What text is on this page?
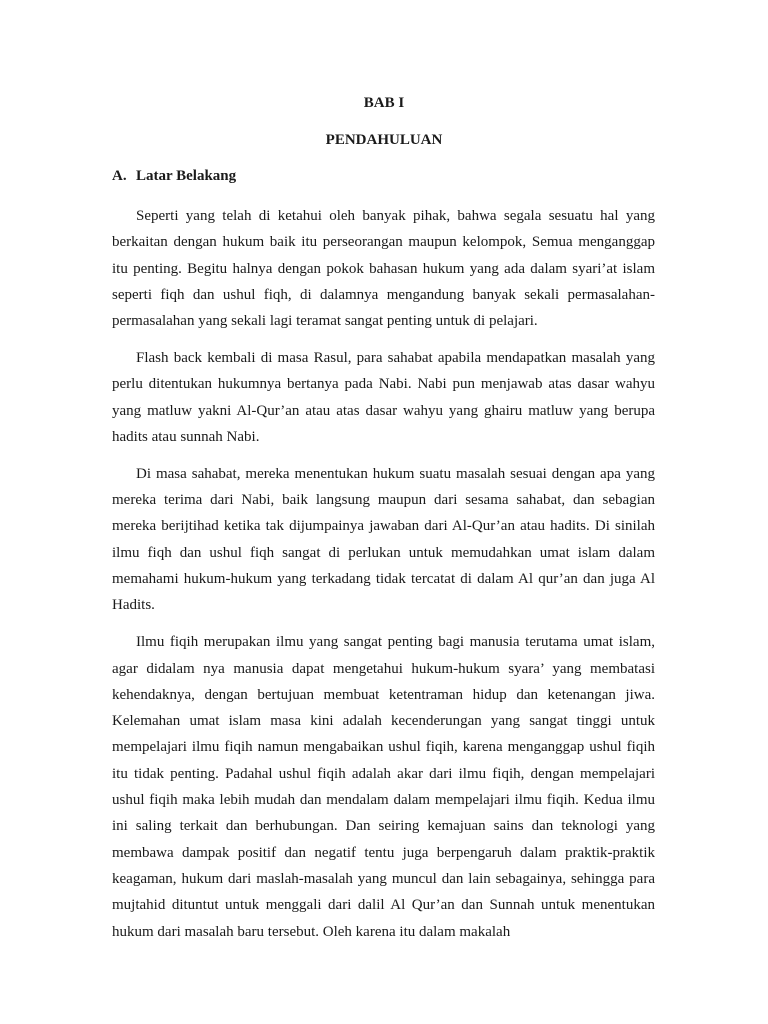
BAB I
PENDAHULUAN
A. Latar Belakang

Seperti yang telah di ketahui oleh banyak pihak, bahwa segala sesuatu hal yang berkaitan dengan hukum baik itu perseorangan maupun kelompok, Semua menganggap itu penting. Begitu halnya dengan pokok bahasan hukum yang ada dalam syari’at islam seperti fiqh dan ushul fiqh, di dalamnya mengandung banyak sekali permasalahan-permasalahan yang sekali lagi teramat sangat penting untuk di pelajari.

Flash back kembali di masa Rasul, para sahabat apabila mendapatkan masalah yang perlu ditentukan hukumnya bertanya pada Nabi. Nabi pun menjawab atas dasar wahyu yang matluw yakni Al-Qur’an atau atas dasar wahyu yang ghairu matluw yang berupa hadits atau sunnah Nabi.

Di masa sahabat, mereka menentukan hukum suatu masalah sesuai dengan apa yang mereka terima dari Nabi, baik langsung maupun dari sesama sahabat, dan sebagian mereka berijtihad ketika tak dijumpainya jawaban dari Al-Qur’an atau hadits. Di sinilah ilmu fiqh dan ushul fiqh sangat di perlukan untuk memudahkan umat islam dalam memahami hukum-hukum yang terkadang tidak tercatat di dalam Al qur’an dan juga Al Hadits.

Ilmu fiqih merupakan ilmu yang sangat penting bagi manusia terutama umat islam, agar didalam nya manusia dapat mengetahui hukum-hukum syara’ yang membatasi kehendaknya, dengan bertujuan membuat ketentraman hidup dan ketenangan jiwa. Kelemahan umat islam masa kini adalah kecenderungan yang sangat tinggi untuk mempelajari ilmu fiqih namun mengabaikan ushul fiqih, karena menganggap ushul fiqih itu tidak penting. Padahal ushul fiqih adalah akar dari ilmu fiqih, dengan mempelajari ushul fiqih maka lebih mudah dan mendalam dalam mempelajari ilmu fiqih. Kedua ilmu ini saling terkait dan berhubungan. Dan seiring kemajuan sains dan teknologi yang membawa dampak positif dan negatif tentu juga berpengaruh dalam praktik-praktik keagaman, hukum dari maslah-masalah yang muncul dan lain sebagainya, sehingga para mujtahid dituntut untuk menggali dari dalil Al Qur’an dan Sunnah untuk menentukan hukum dari masalah baru tersebut. Oleh karena itu dalam makalah
